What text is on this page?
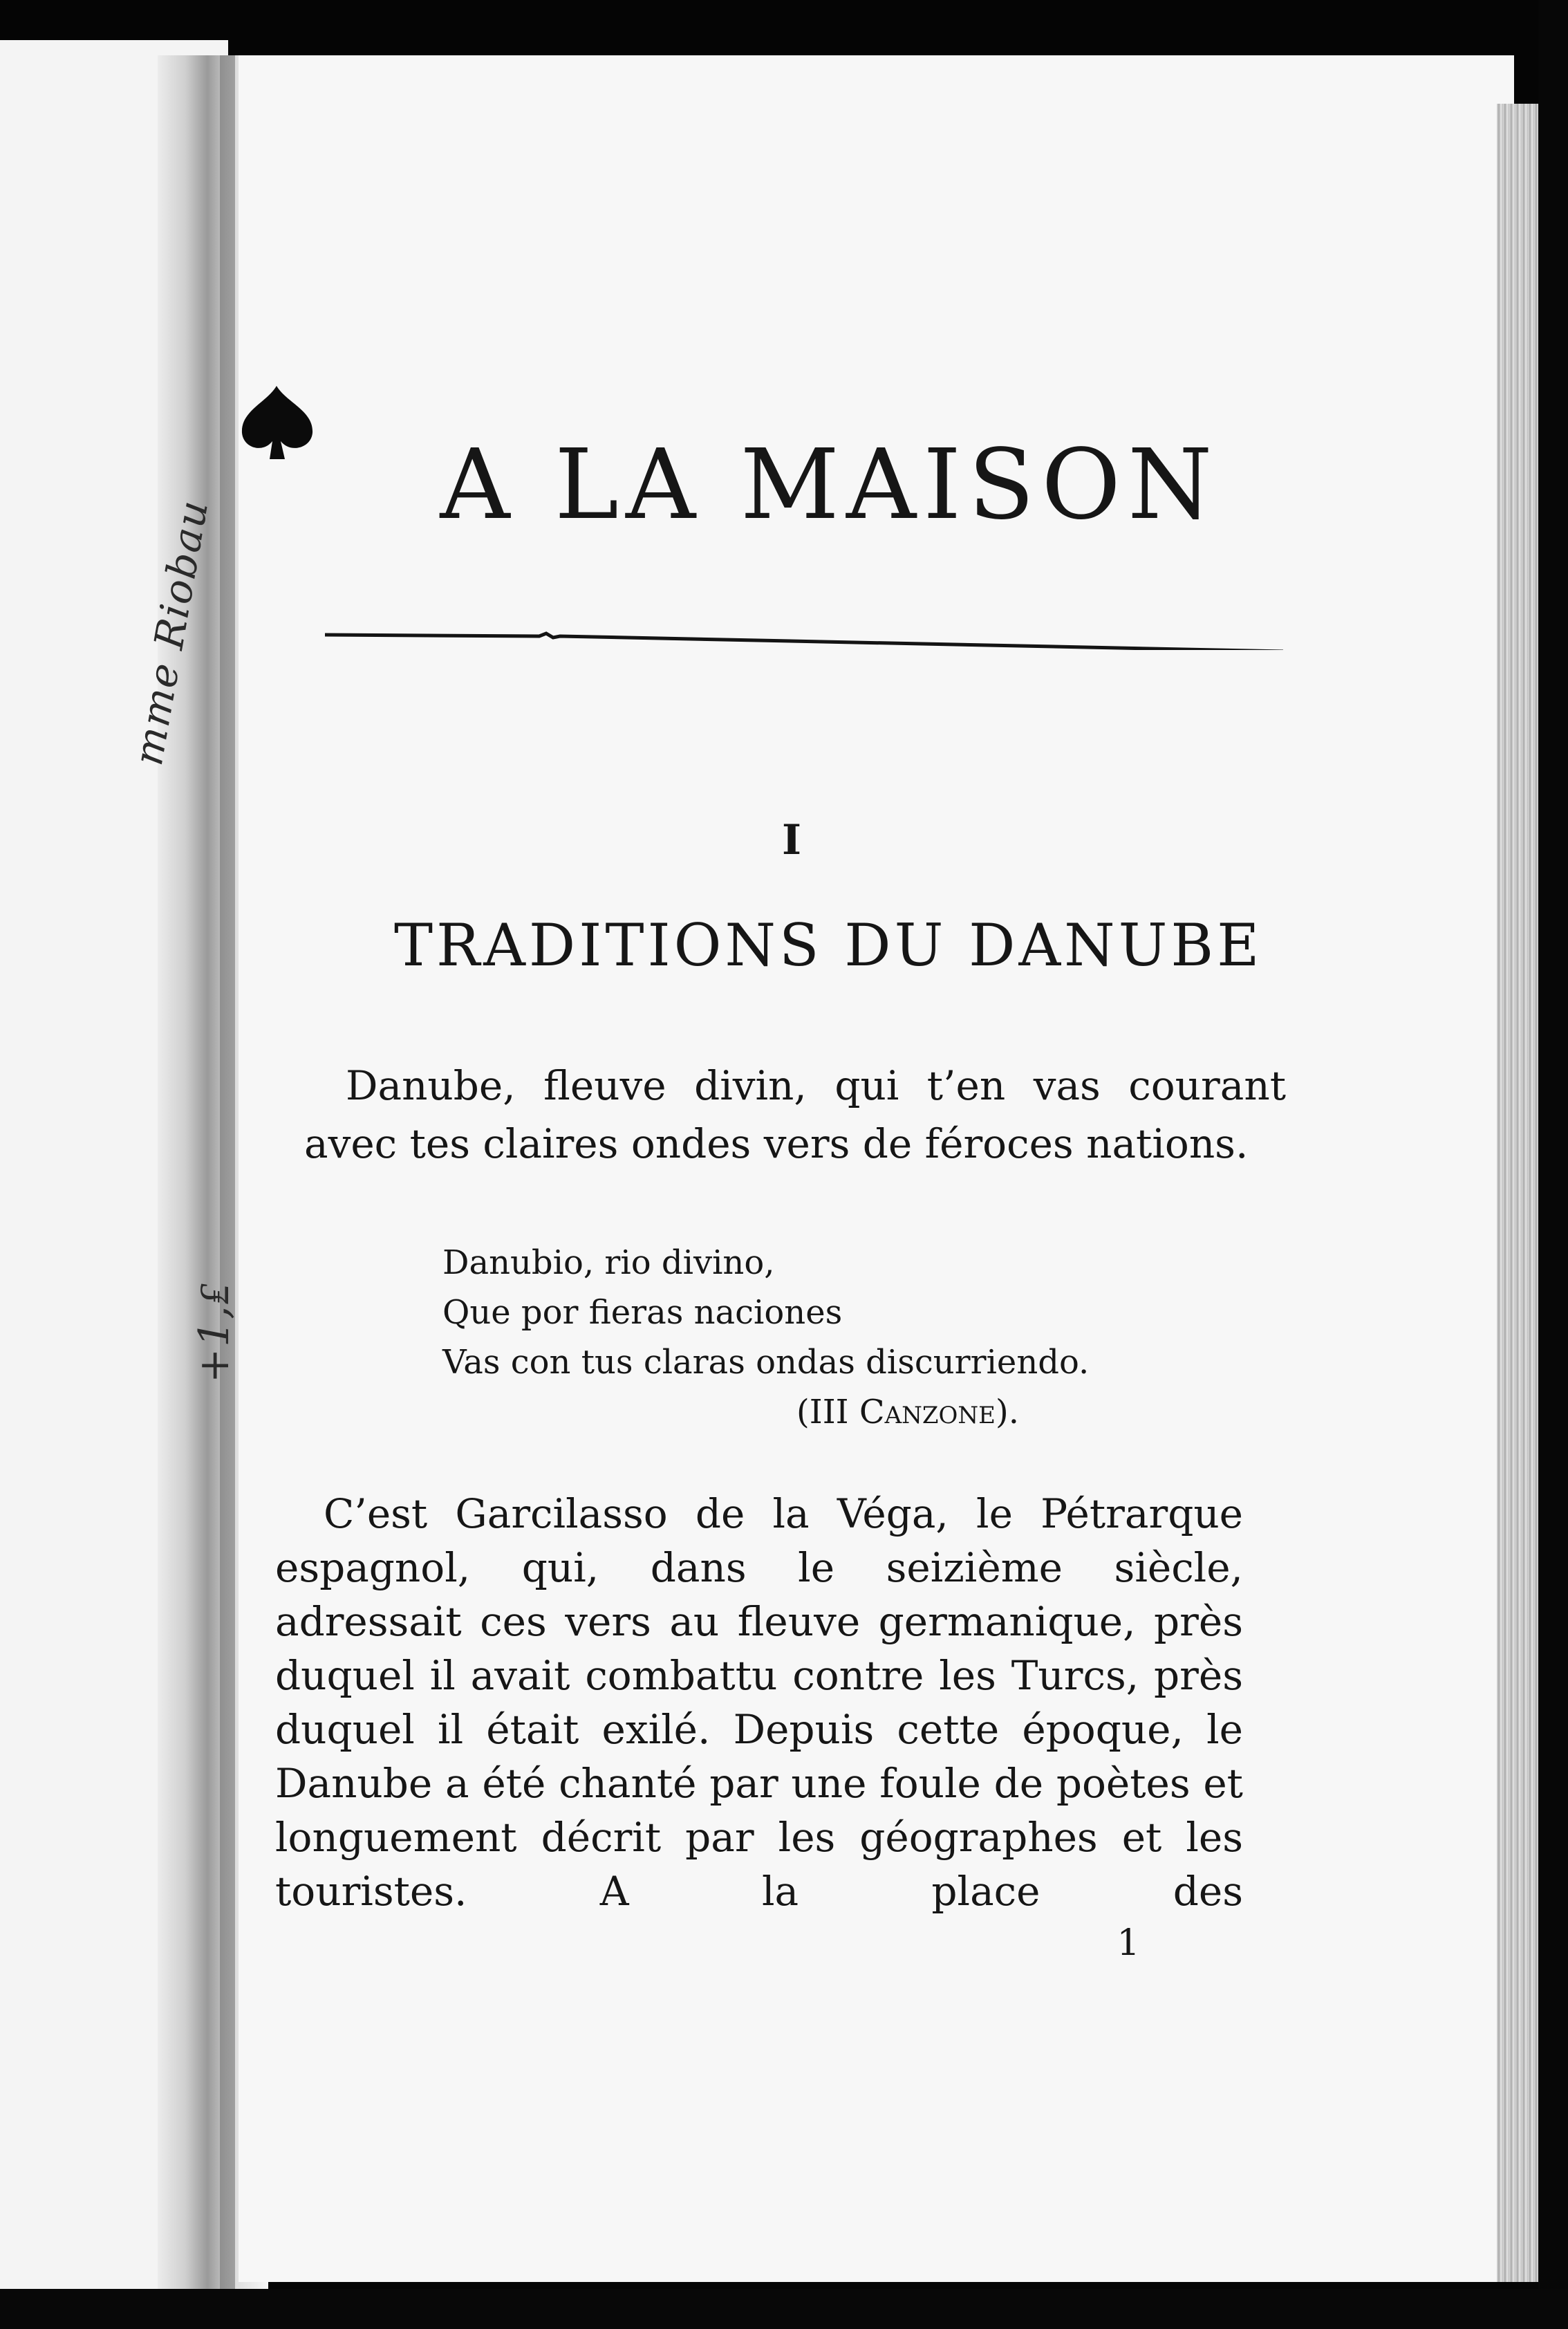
mme Riobau
+1,₤
A LA MAISON
I
TRADITIONS DU DANUBE
Danube, fleuve divin, qui t’en vas courant avec tes claires ondes vers de féroces nations.
Danubio, rio divino,
Que por fieras naciones
Vas con tus claras ondas discurriendo.
(III Canzone).
C’est Garcilasso de la Véga, le Pétrarque espagnol, qui, dans le seizième siècle, adressait ces vers au fleuve germanique, près duquel il avait combattu contre les Turcs, près duquel il était exilé. Depuis cette époque, le Danube a été chanté par une foule de poètes et longuement décrit par les géographes et les touristes. A la place des
1
